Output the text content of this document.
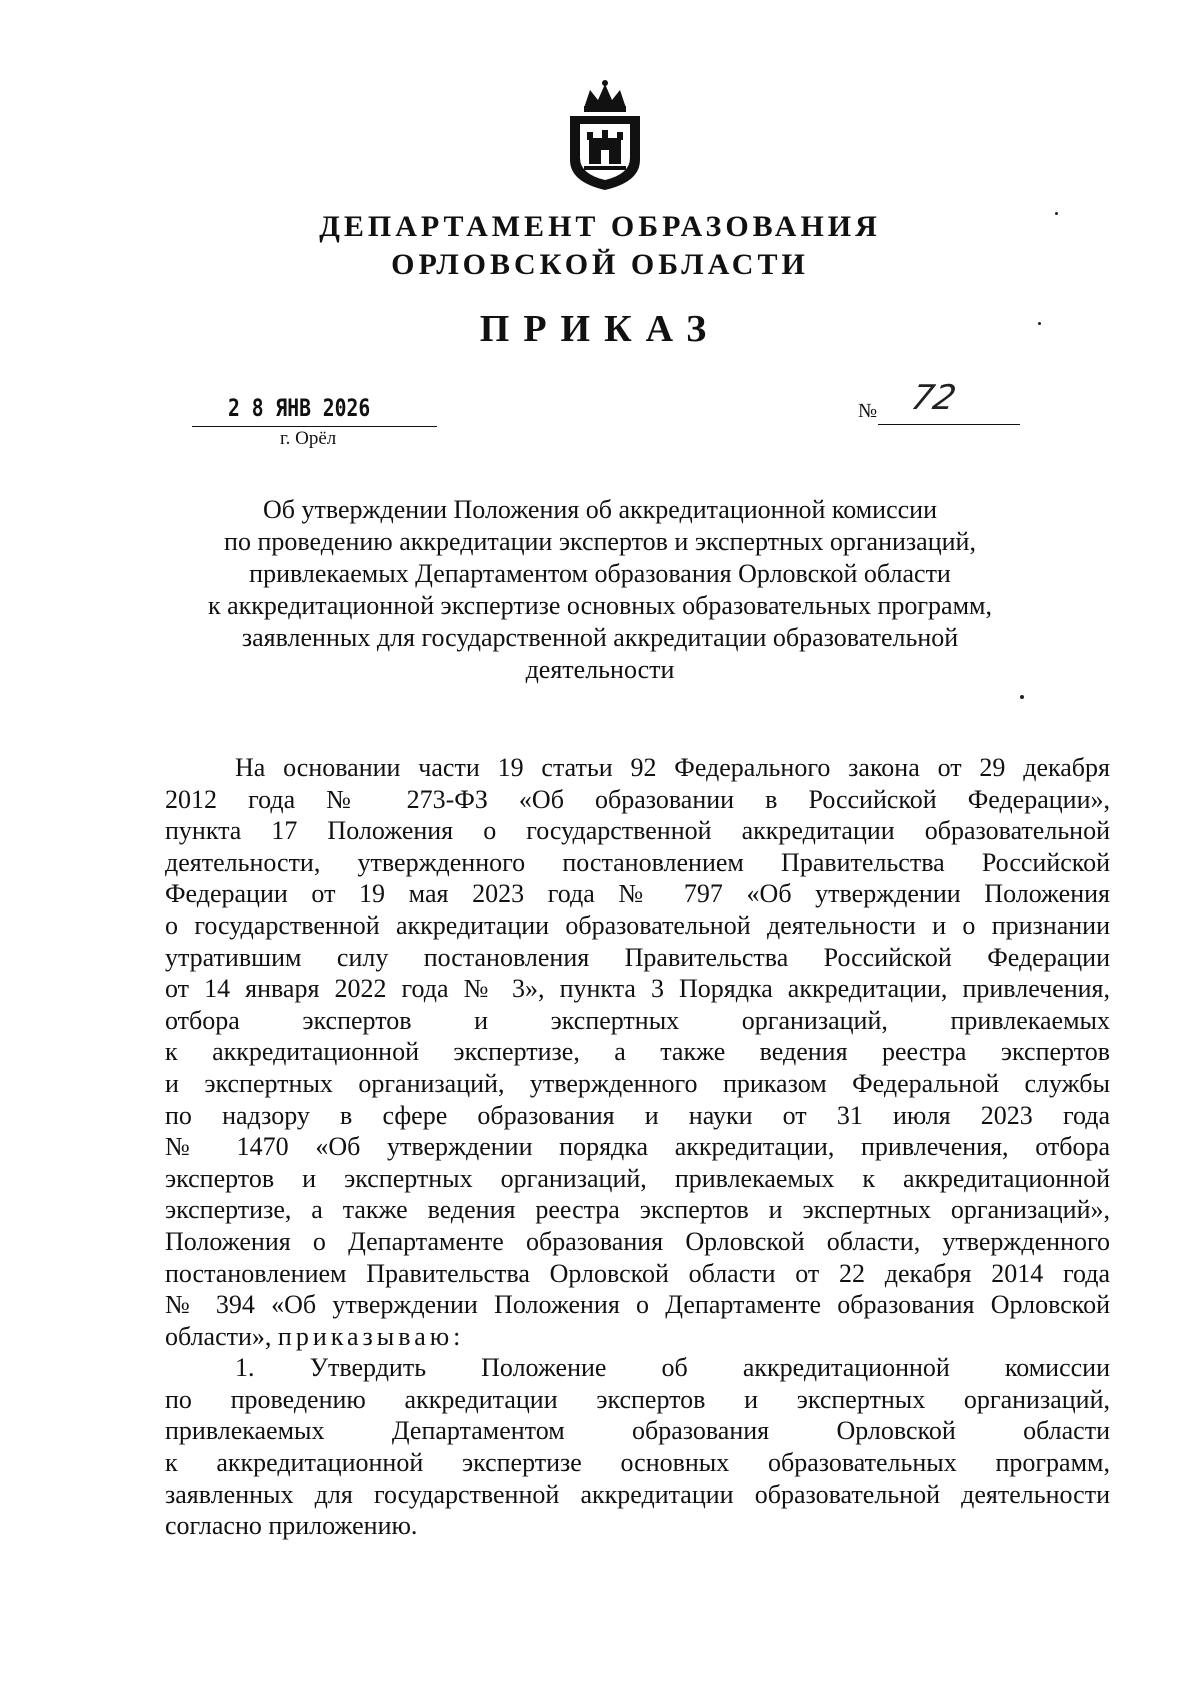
ДЕПАРТАМЕНТ ОБРАЗОВАНИЯ
ОРЛОВСКОЙ ОБЛАСТИ
ПРИКАЗ
2 8 ЯНВ 2026
г. Орёл
№ 72
Об утверждении Положения об аккредитационной комиссии
по проведению аккредитации экспертов и экспертных организаций,
привлекаемых Департаментом образования Орловской области
к аккредитационной экспертизе основных образовательных программ,
заявленных для государственной аккредитации образовательной
деятельности
На основании части 19 статьи 92 Федерального закона от 29 декабря
2012 года № 273-ФЗ «Об образовании в Российской Федерации»,
пункта 17 Положения о государственной аккредитации образовательной
деятельности, утвержденного постановлением Правительства Российской
Федерации от 19 мая 2023 года № 797 «Об утверждении Положения
о государственной аккредитации образовательной деятельности и о признании
утратившим силу постановления Правительства Российской Федерации
от 14 января 2022 года № 3», пункта 3 Порядка аккредитации, привлечения,
отбора экспертов и экспертных организаций, привлекаемых
к аккредитационной экспертизе, а также ведения реестра экспертов
и экспертных организаций, утвержденного приказом Федеральной службы
по надзору в сфере образования и науки от 31 июля 2023 года
№ 1470 «Об утверждении порядка аккредитации, привлечения, отбора
экспертов и экспертных организаций, привлекаемых к аккредитационной
экспертизе, а также ведения реестра экспертов и экспертных организаций»,
Положения о Департаменте образования Орловской области, утвержденного
постановлением Правительства Орловской области от 22 декабря 2014 года
№ 394 «Об утверждении Положения о Департаменте образования Орловской
области», приказываю:
1. Утвердить Положение об аккредитационной комиссии
по проведению аккредитации экспертов и экспертных организаций,
привлекаемых Департаментом образования Орловской области
к аккредитационной экспертизе основных образовательных программ,
заявленных для государственной аккредитации образовательной деятельности
согласно приложению.
